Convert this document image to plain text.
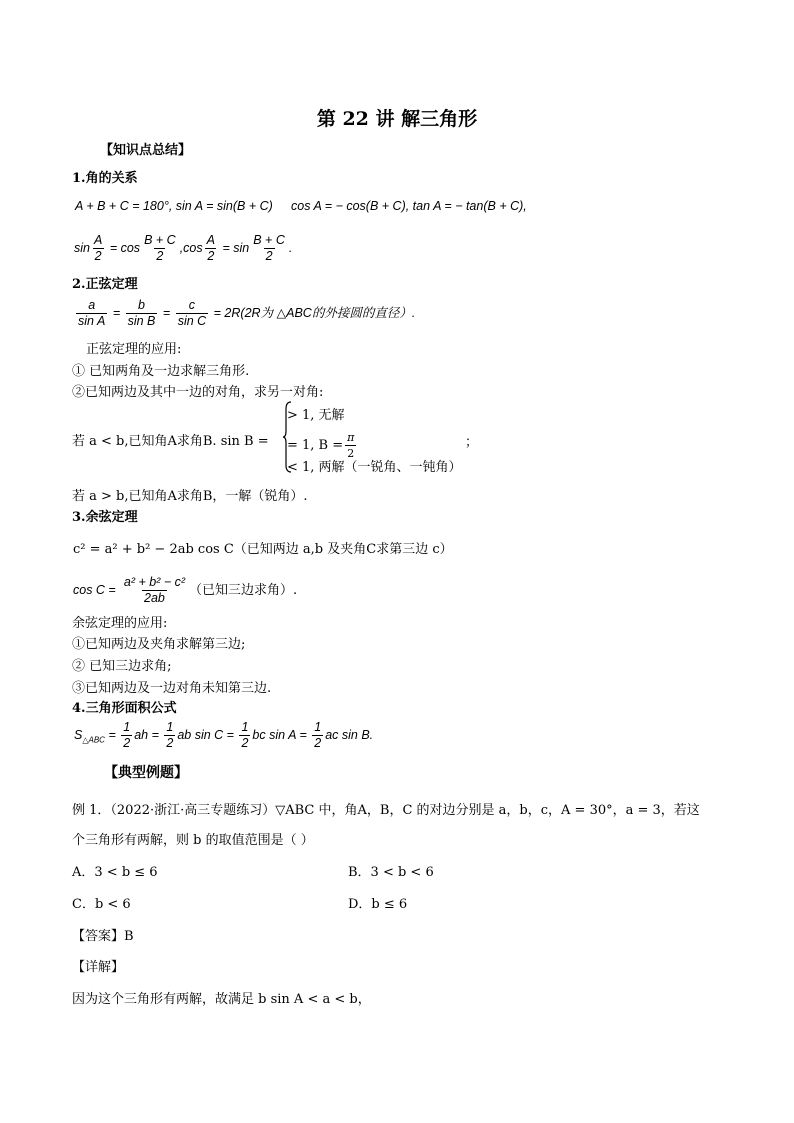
第 22 讲 解三角形
【知识点总结】
1.角的关系
A + B + C = 180°, sin A = sin(B + C) cos A = − cos(B + C), tan A = − tan(B + C),
$\sin \frac{A}{2} = \cos \frac{B + C}{2} ,\cos \frac{A}{2} = \sin \frac{B + C}{2}$ .
2.正弦定理
$\frac{a}{\text{sin A}} = \frac{b}{\text{sin B}} = \frac{c}{\text{sin C}} = 2R(2R$为 △ABC的外接圆的直径）.
正弦定理的应用:
① 已知两角及一边求解三角形.
②已知两边及其中一边的对角，求另一对角:
若 a < b,已知角A求角B. sin B =
> 1, 无解
= 1, $B = \frac{\pi}{2}$	；
< 1, 两解（一锐角、一钝角）
若 a > b,已知角A求角B，一解（锐角）.
3.余弦定理
c² = a² + b² − 2ab cos C（已知两边 a,b 及夹角C求第三边 c）
$\cos C = \frac{\text{a² + b² − c²}}{2ab}$ （已知三边求角）.
余弦定理的应用:
①已知两边及夹角求解第三边;
② 已知三边求角;
③已知两边及一边对角未知第三边.
4.三角形面积公式
$S_{\triangle ABC} = \frac{1}{2}$ ah = $\frac{1}{2}$ ab $\sin C = \frac{1}{2}$ bc $\sin A = \frac{1}{2}$ ac sin B.
【典型例题】
例 1．（2022·浙江·高三专题练习）▽ABC 中，角A，B，C 的对边分别是 a，b，c，A = 30°，a = 3，若这
个三角形有两解，则 b 的取值范围是（ ）
A．3 < b ≤ 6	B．3 < b < 6
C．b < 6	D．b ≤ 6
【答案】B
【详解】
因为这个三角形有两解，故满足 b sin A < a < b，
